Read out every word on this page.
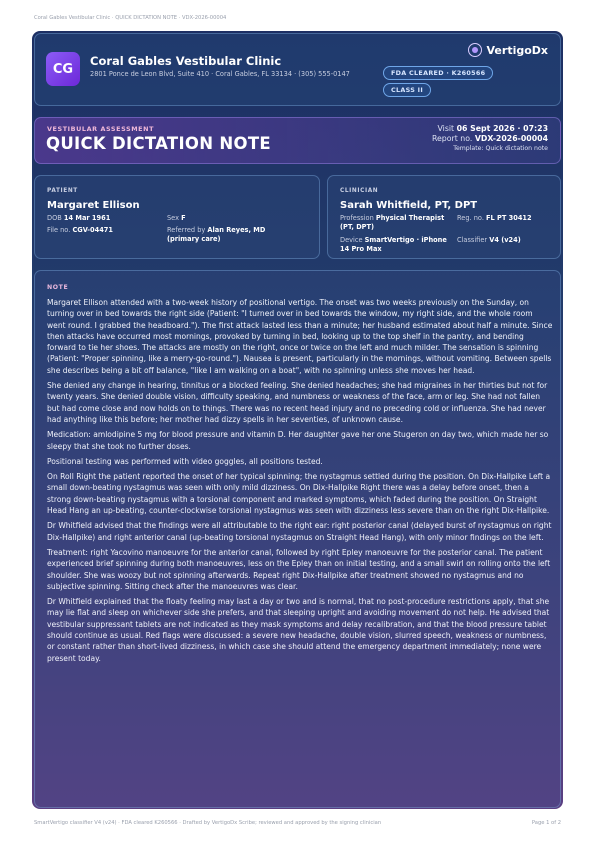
Coral Gables Vestibular Clinic · QUICK DICTATION NOTE · VDX-2026-00004
CG
Coral Gables Vestibular Clinic
2801 Ponce de Leon Blvd, Suite 410 · Coral Gables, FL 33134 · (305) 555-0147
VertigoDx
FDA CLEARED · K260566
CLASS II
VESTIBULAR ASSESSMENT
QUICK DICTATION NOTE
Visit 06 Sept 2026 · 07:23
Report no. VDX-2026-00004
Template: Quick dictation note
PATIENT
Margaret Ellison
DOB 14 Mar 1961	Sex F
File no. CGV-04471	Referred by Alan Reyes, MD (primary care)
CLINICIAN
Sarah Whitfield, PT, DPT
Profession Physical Therapist (PT, DPT)
Reg. no. FL PT 30412
Device SmartVertigo · iPhone 14 Pro Max
Classifier V4 (v24)
NOTE

Margaret Ellison attended with a two-week history of positional vertigo. The onset was two weeks previously on the Sunday, on turning over in bed towards the right side (Patient: "I turned over in bed towards the window, my right side, and the whole room went round. I grabbed the headboard."). The first attack lasted less than a minute; her husband estimated about half a minute. Since then attacks have occurred most mornings, provoked by turning in bed, looking up to the top shelf in the pantry, and bending forward to tie her shoes. The attacks are mostly on the right, once or twice on the left and much milder. The sensation is spinning (Patient: "Proper spinning, like a merry-go-round."). Nausea is present, particularly in the mornings, without vomiting. Between spells she describes being a bit off balance, "like I am walking on a boat", with no spinning unless she moves her head.

She denied any change in hearing, tinnitus or a blocked feeling. She denied headaches; she had migraines in her thirties but not for twenty years. She denied double vision, difficulty speaking, and numbness or weakness of the face, arm or leg. She had not fallen but had come close and now holds on to things. There was no recent head injury and no preceding cold or influenza. She had never had anything like this before; her mother had dizzy spells in her seventies, of unknown cause.

Medication: amlodipine 5 mg for blood pressure and vitamin D. Her daughter gave her one Stugeron on day two, which made her so sleepy that she took no further doses.

Positional testing was performed with video goggles, all positions tested.

On Roll Right the patient reported the onset of her typical spinning; the nystagmus settled during the position. On Dix-Hallpike Left a small down-beating nystagmus was seen with only mild dizziness. On Dix-Hallpike Right there was a delay before onset, then a strong down-beating nystagmus with a torsional component and marked symptoms, which faded during the position. On Straight Head Hang an up-beating, counter-clockwise torsional nystagmus was seen with dizziness less severe than on the right Dix-Hallpike.

Dr Whitfield advised that the findings were all attributable to the right ear: right posterior canal (delayed burst of nystagmus on right Dix-Hallpike) and right anterior canal (up-beating torsional nystagmus on Straight Head Hang), with only minor findings on the left.

Treatment: right Yacovino manoeuvre for the anterior canal, followed by right Epley manoeuvre for the posterior canal. The patient experienced brief spinning during both manoeuvres, less on the Epley than on initial testing, and a small swirl on rolling onto the left shoulder. She was woozy but not spinning afterwards. Repeat right Dix-Hallpike after treatment showed no nystagmus and no subjective spinning. Sitting check after the manoeuvres was clear.

Dr Whitfield explained that the floaty feeling may last a day or two and is normal, that no post-procedure restrictions apply, that she may lie flat and sleep on whichever side she prefers, and that sleeping upright and avoiding movement do not help. He advised that vestibular suppressant tablets are not indicated as they mask symptoms and delay recalibration, and that the blood pressure tablet should continue as usual. Red flags were discussed: a severe new headache, double vision, slurred speech, weakness or numbness, or constant rather than short-lived dizziness, in which case she should attend the emergency department immediately; none were present today.

SmartVertigo classifier V4 (v24) · FDA cleared K260566 · Drafted by VertigoDx Scribe; reviewed and approved by the signing clinician	Page 1 of 2
